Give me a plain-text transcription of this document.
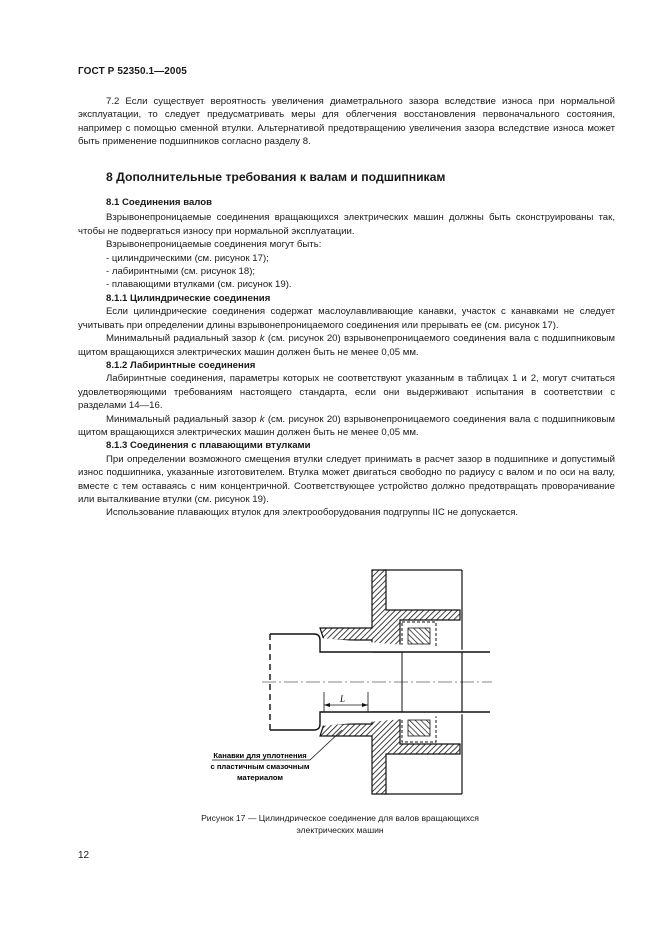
ГОСТ Р 52350.1—2005

7.2 Если существует вероятность увеличения диаметрального зазора вследствие износа при нормальной эксплуатации, то следует предусматривать меры для облегчения восстановления первоначального состояния, например с помощью сменной втулки. Альтернативой предотвращению увеличения зазора вследствие износа может быть применение подшипников согласно разделу 8.

8 Дополнительные требования к валам и подшипникам
8.1 Соединения валов

Взрывонепроницаемые соединения вращающихся электрических машин должны быть сконструированы так, чтобы не подвергаться износу при нормальной эксплуатации.

Взрывонепроницаемые соединения могут быть:

- цилиндрическими (см. рисунок 17);

- лабиринтными (см. рисунок 18);

- плавающими втулками (см. рисунок 19).

8.1.1 Цилиндрические соединения

Если цилиндрические соединения содержат маслоулавливающие канавки, участок с канавками не следует учитывать при определении длины взрывонепроницаемого соединения или прерывать ее (см. рисунок 17).

Минимальный радиальный зазор k (см. рисунок 20) взрывонепроницаемого соединения вала с подшипниковым щитом вращающихся электрических машин должен быть не менее 0,05 мм.

8.1.2 Лабиринтные соединения

Лабиринтные соединения, параметры которых не соответствуют указанным в таблицах 1 и 2, могут считаться удовлетворяющими требованиям настоящего стандарта, если они выдерживают испытания в соответствии с разделами 14—16.

Минимальный радиальный зазор k (см. рисунок 20) взрывонепроницаемого соединения вала с подшипниковым щитом вращающихся электрических машин должен быть не менее 0,05 мм.

8.1.3 Соединения с плавающими втулками

При определении возможного смещения втулки следует принимать в расчет зазор в подшипнике и допустимый износ подшипника, указанные изготовителем. Втулка может двигаться свободно по радиусу с валом и по оси на валу, вместе с тем оставаясь с ним концентричной. Соответствующее устройство должно предотвращать проворачивание или выталкивание втулки (см. рисунок 19).

Использование плавающих втулок для электрооборудования подгруппы IIC не допускается.

L
Канавки для уплотнения
с пластичным смазочным
материалом
Рисунок 17 — Цилиндрическое соединение для валов вращающихся
электрических машин
12
